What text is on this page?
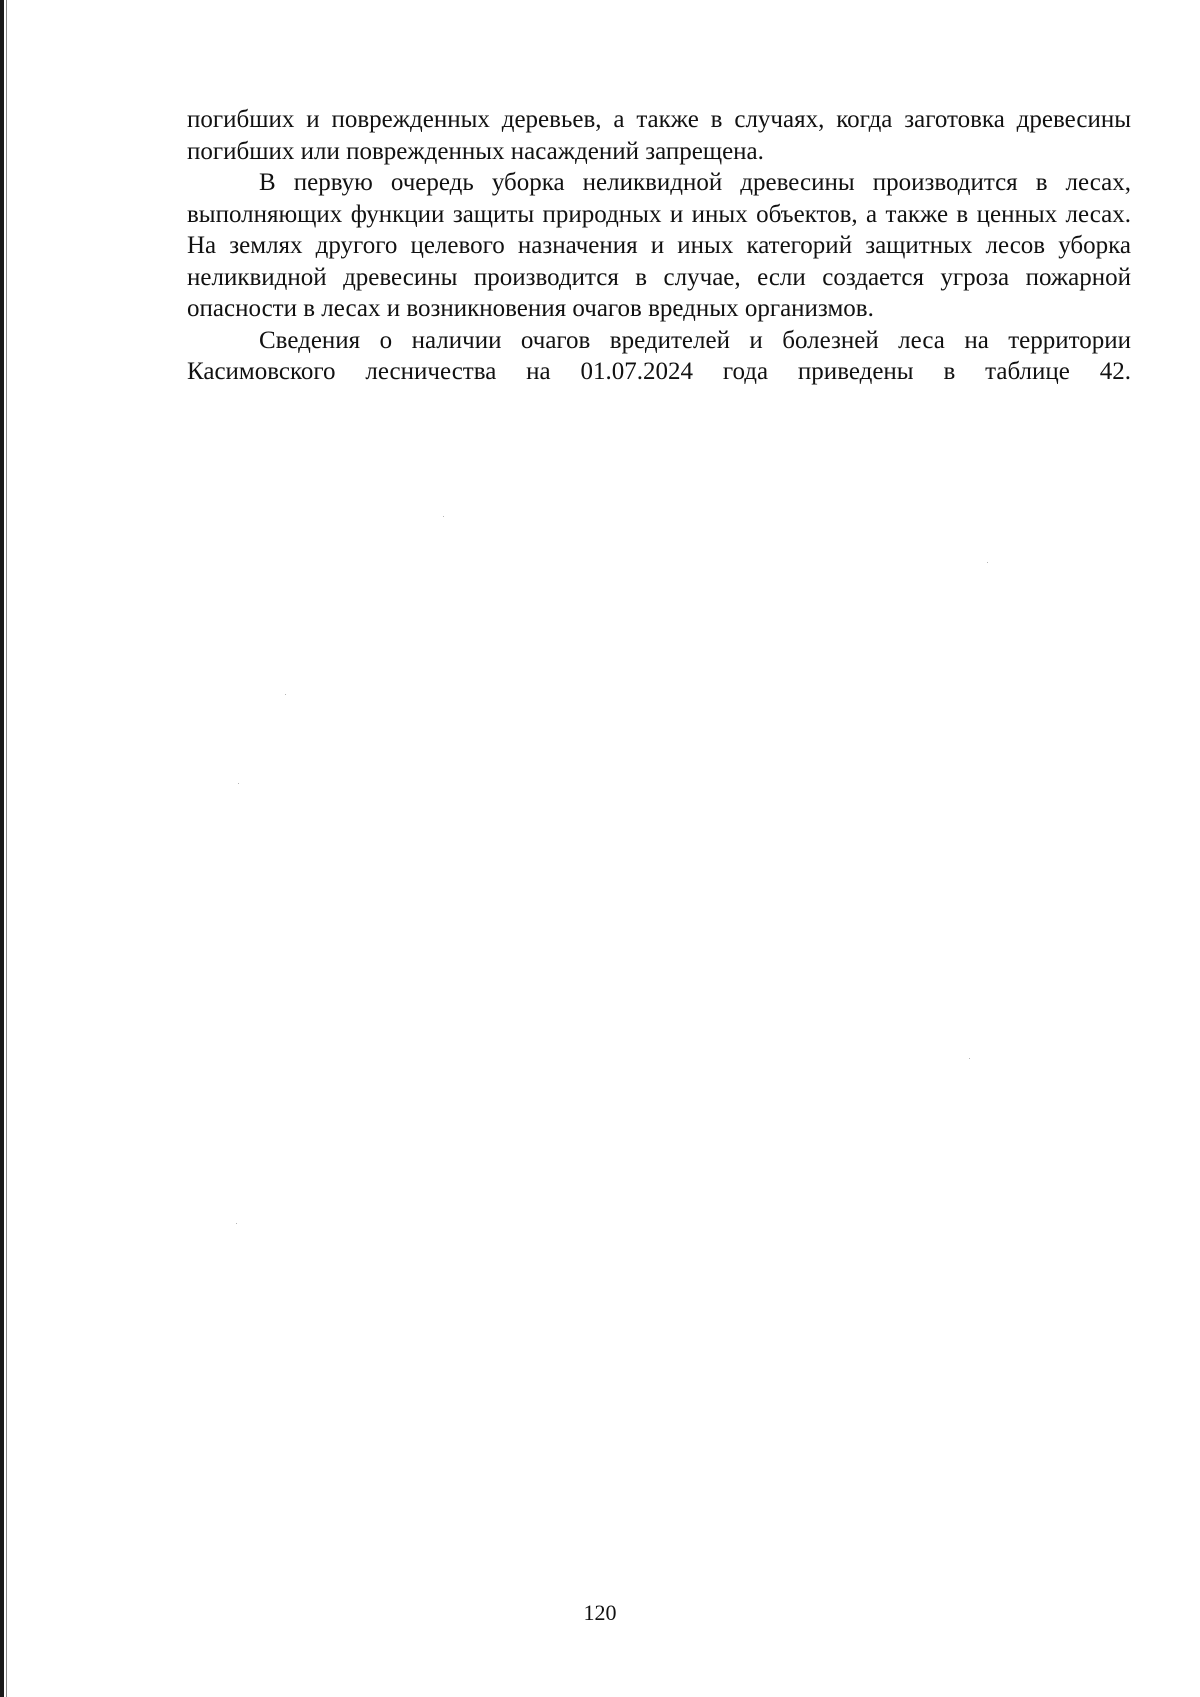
погибших и поврежденных деревьев, а также в случаях, когда заготовка древесины погибших или поврежденных насаждений запрещена.

В первую очередь уборка неликвидной древесины производится в лесах, выполняющих функции защиты природных и иных объектов, а также в ценных лесах. На землях другого целевого назначения и иных категорий защитных лесов уборка неликвидной древесины производится в случае, если создается угроза пожарной опасности в лесах и возникновения очагов вредных организмов.

Сведения о наличии очагов вредителей и болезней леса на территории Касимовского лесничества на 01.07.2024 года приведены в таблице 42.

120
